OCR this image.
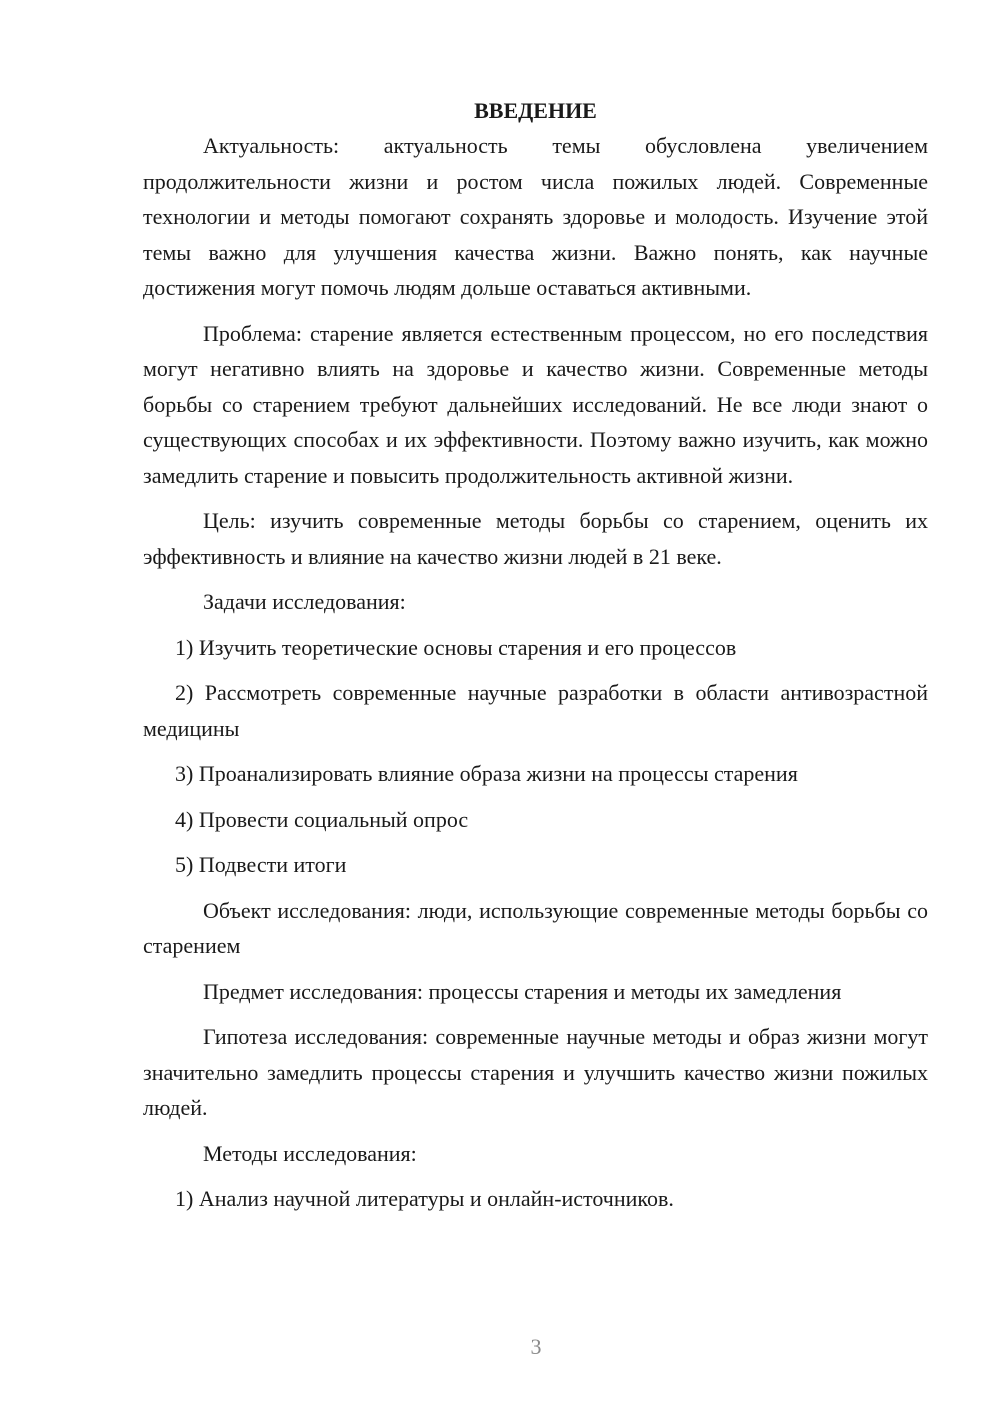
ВВЕДЕНИЕ

Актуальность: актуальность темы обусловлена увеличением продолжительности жизни и ростом числа пожилых людей. Современные технологии и методы помогают сохранять здоровье и молодость. Изучение этой темы важно для улучшения качества жизни. Важно понять, как научные достижения могут помочь людям дольше оставаться активными.

Проблема: старение является естественным процессом, но его последствия могут негативно влиять на здоровье и качество жизни. Современные методы борьбы со старением требуют дальнейших исследований. Не все люди знают о существующих способах и их эффективности. Поэтому важно изучить, как можно замедлить старение и повысить продолжительность активной жизни.

Цель: изучить современные методы борьбы со старением, оценить их эффективность и влияние на качество жизни людей в 21 веке.

Задачи исследования:

1) Изучить теоретические основы старения и его процессов

2) Рассмотреть современные научные разработки в области антивозрастной медицины

3) Проанализировать влияние образа жизни на процессы старения

4) Провести социальный опрос

5) Подвести итоги

Объект исследования: люди, использующие современные методы борьбы со старением

Предмет исследования: процессы старения и методы их замедления

Гипотеза исследования: современные научные методы и образ жизни могут значительно замедлить процессы старения и улучшить качество жизни пожилых людей.

Методы исследования:

1) Анализ научной литературы и онлайн-источников.

3
